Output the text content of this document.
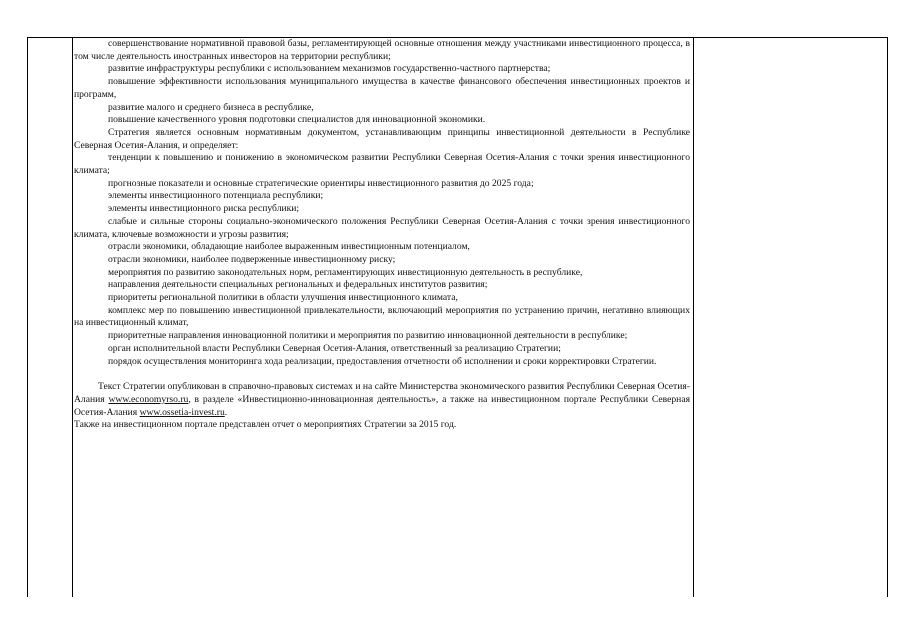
совершенствование нормативной правовой базы, регламентирующей основные отношения между участниками инвестиционного процесса, в том числе деятельность иностранных инвесторов на территории республики;

развитие инфраструктуры республики с использованием механизмов государственно-частного партнерства;

повышение эффективности использования муниципального имущества в качестве финансового обеспечения инвестиционных проектов и программ,

развитие малого и среднего бизнеса в республике,

повышение качественного уровня подготовки специалистов для инновационной экономики.

Стратегия является основным нормативным документом, устанавливающим принципы инвестиционной деятельности в Республике Северная Осетия-Алания, и определяет:

тенденции к повышению и понижению в экономическом развитии Республики Северная Осетия-Алания с точки зрения инвестиционного климата;

прогнозные показатели и основные стратегические ориентиры инвестиционного развития до 2025 года;

элементы инвестиционного потенциала республики;

элементы инвестиционного риска республики;

слабые и сильные стороны социально-экономического положения Республики Северная Осетия-Алания с точки зрения инвестиционного климата, ключевые возможности и угрозы развития;

отрасли экономики, обладающие наиболее выраженным инвестиционным потенциалом,

отрасли экономики, наиболее подверженные инвестиционному риску;

мероприятия по развитию законодательных норм, регламентирующих инвестиционную деятельность в республике,

направления деятельности специальных региональных и федеральных институтов развития;

приоритеты региональной политики в области улучшения инвестиционного климата,

комплекс мер по повышению инвестиционной привлекательности, включающий мероприятия по устранению причин, негативно влияющих на инвестиционный климат,

приоритетные направления инновационной политики и мероприятия по развитию инновационной деятельности в республике;

орган исполнительной власти Республики Северная Осетия-Алания, ответственный за реализацию Стратегии;

порядок осуществления мониторинга хода реализации, предоставления отчетности об исполнении и сроки корректировки Стратегии.

Текст Стратегии опубликован в справочно-правовых системах и на сайте Министерства экономического развития Республики Северная Осетия-Алания www.economyrso.ru, в разделе «Инвестиционно-инновационная деятельность», а также на инвестиционном портале Республики Северная Осетия-Алания www.ossetia-invest.ru.

Также на инвестиционном портале представлен отчет о мероприятиях Стратегии за 2015 год.
